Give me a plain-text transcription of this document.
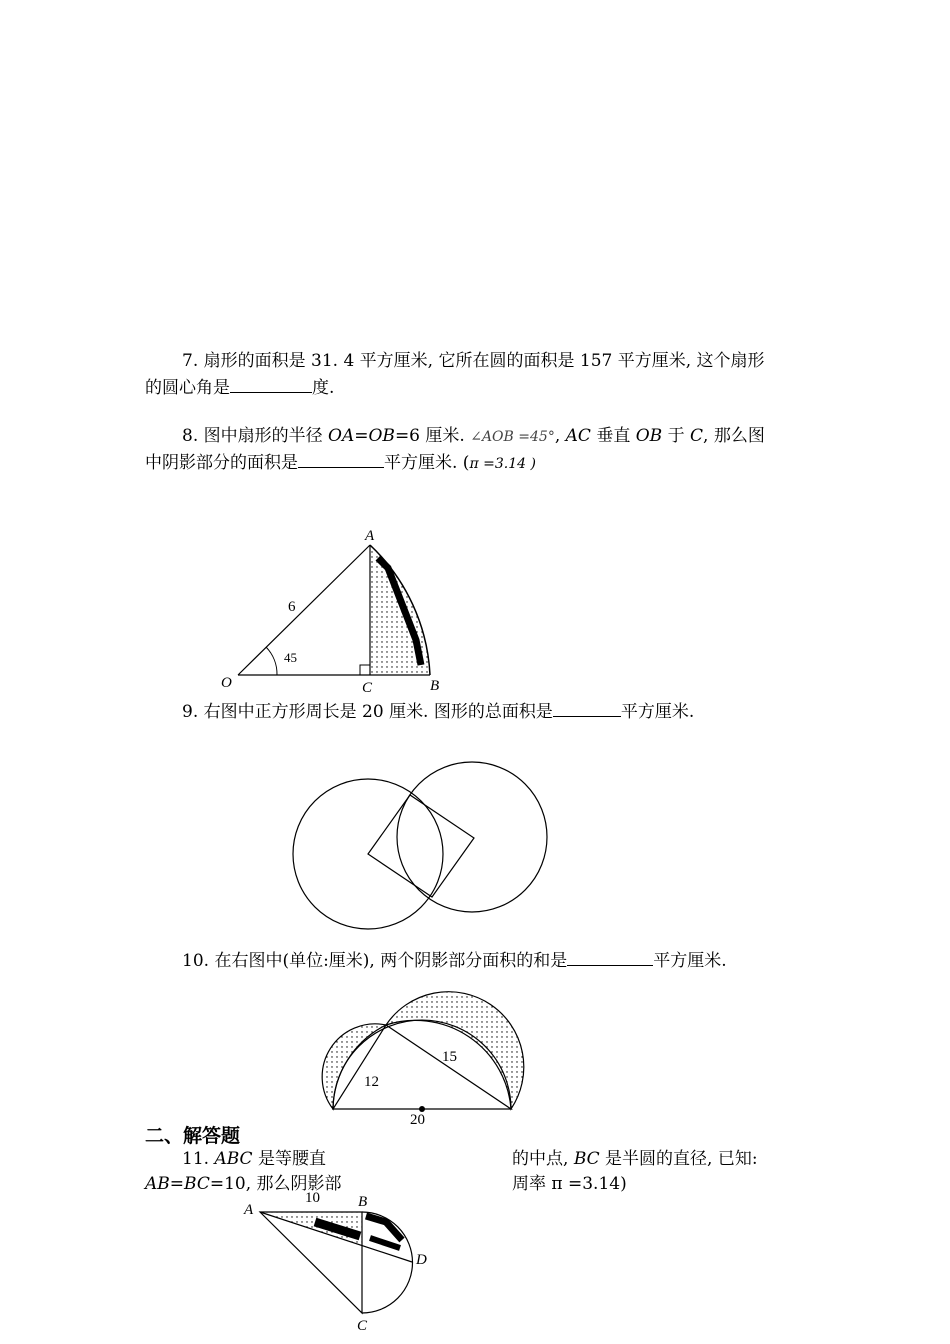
7. 扇形的面积是 31. 4 平方厘米, 它所在圆的面积是 157 平方厘米, 这个扇形
的圆心角是	度.
8. 图中扇形的半径 OA=OB=6 厘米. ∠AOB =45°, AC 垂直 OB 于 C, 那么图
中阴影部分的面积是	平方厘米. (π =3.14 )
A
O	C	B
6
45
9. 右图中正方形周长是 20 厘米. 图形的总面积是	平方厘米.
10. 在右图中(单位:厘米), 两个阴影部分面积的和是	平方厘米.
15
12
20
二、解答题
11. ABC 是等腰直	的中点, BC 是半圆的直径, 已知:
AB=BC=10, 那么阴影部	周率 π =3.14)
A	B
C
D
10
